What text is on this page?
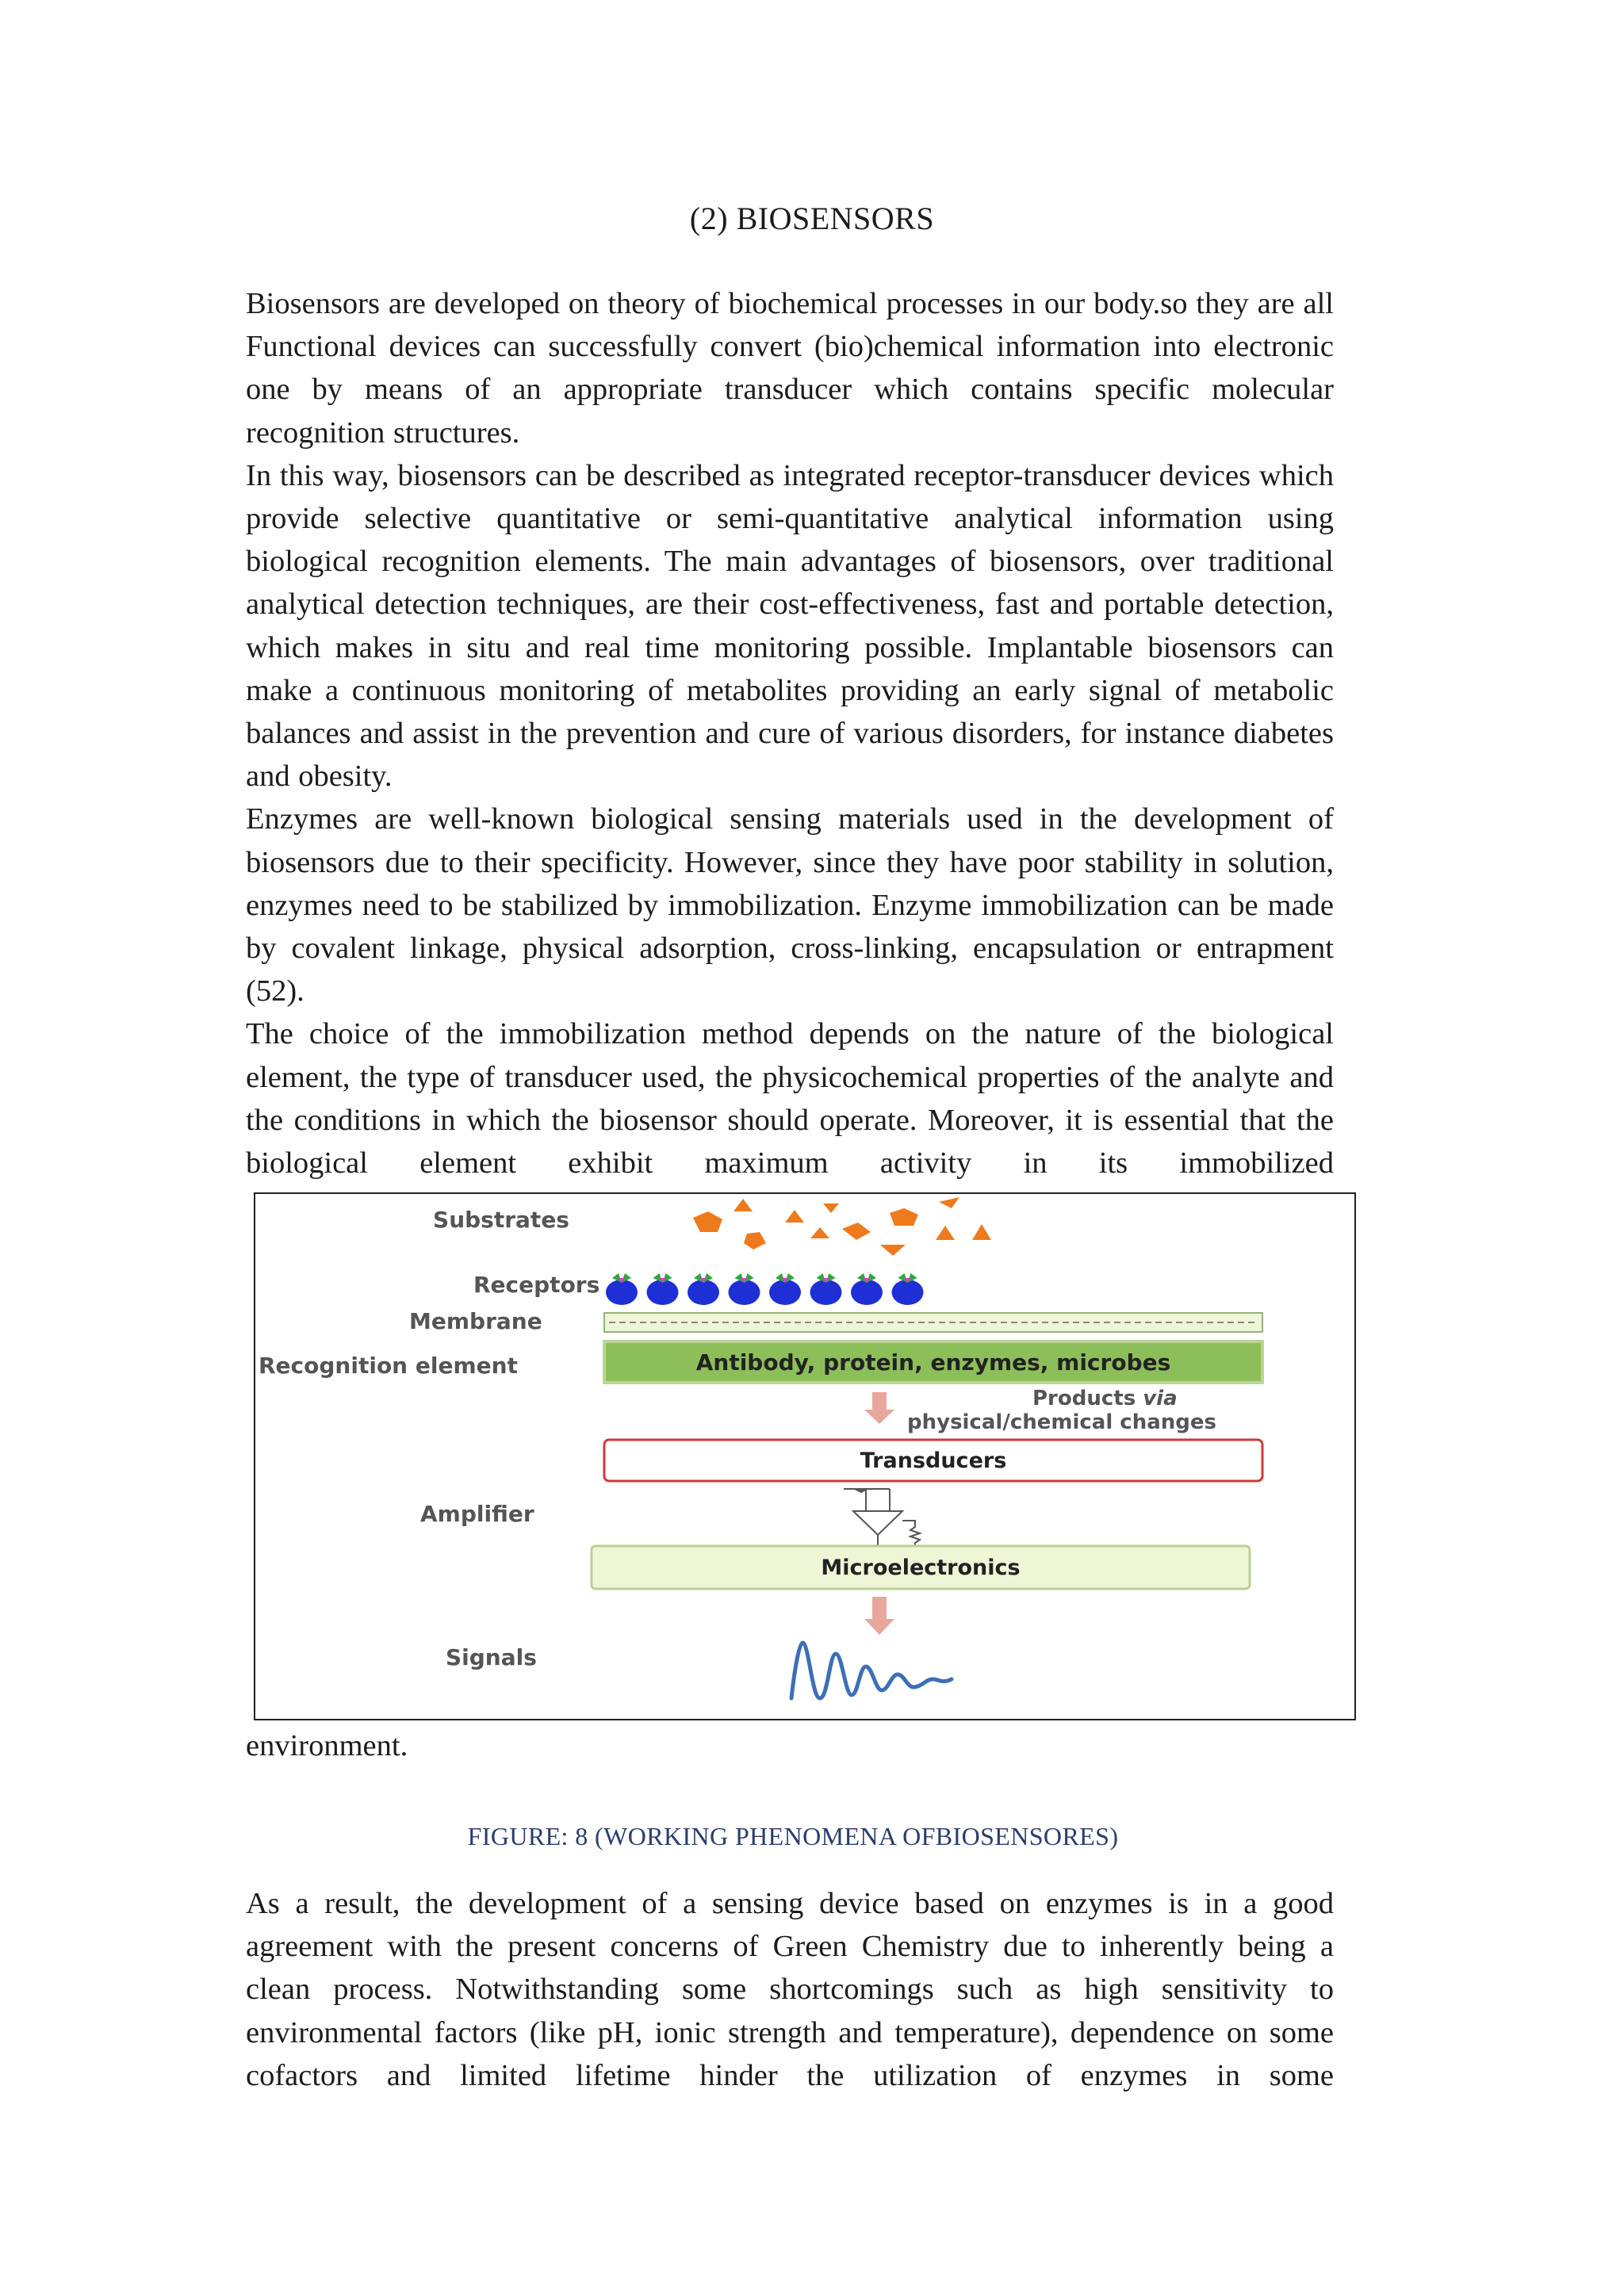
(2) BIOSENSORS
Biosensors are developed on theory of biochemical processes in our body.so they are all Functional devices can successfully convert (bio)chemical information into electronic one by means of an appropriate transducer which contains specific molecular recognition structures.
In this way, biosensors can be described as integrated receptor-transducer devices which provide selective quantitative or semi-quantitative analytical information using biological recognition elements. The main advantages of biosensors, over traditional analytical detection techniques, are their cost-effectiveness, fast and portable detection, which makes in situ and real time monitoring possible. Implantable biosensors can make a continuous monitoring of metabolites providing an early signal of metabolic balances and assist in the prevention and cure of various disorders, for instance diabetes and obesity.
Enzymes are well-known biological sensing materials used in the development of biosensors due to their specificity. However, since they have poor stability in solution, enzymes need to be stabilized by immobilization. Enzyme immobilization can be made by covalent linkage, physical adsorption, cross-linking, encapsulation or entrapment (52).
The choice of the immobilization method depends on the nature of the biological element, the type of transducer used, the physicochemical properties of the analyte and the conditions in which the biosensor should operate. Moreover, it is essential that the biological element exhibit maximum activity in its immobilized
Substrates
Receptors
Membrane
Recognition element
Amplifier
Signals
Antibody, protein, enzymes, microbes
Products via
physical/chemical changes
Transducers
Microelectronics
environment.
FIGURE: 8 (WORKING PHENOMENA OFBIOSENSORES)
As a result, the development of a sensing device based on enzymes is in a good agreement with the present concerns of Green Chemistry due to inherently being a clean process. Notwithstanding some shortcomings such as high sensitivity to environmental factors (like pH, ionic strength and temperature), dependence on some cofactors and limited lifetime hinder the utilization of enzymes in some
